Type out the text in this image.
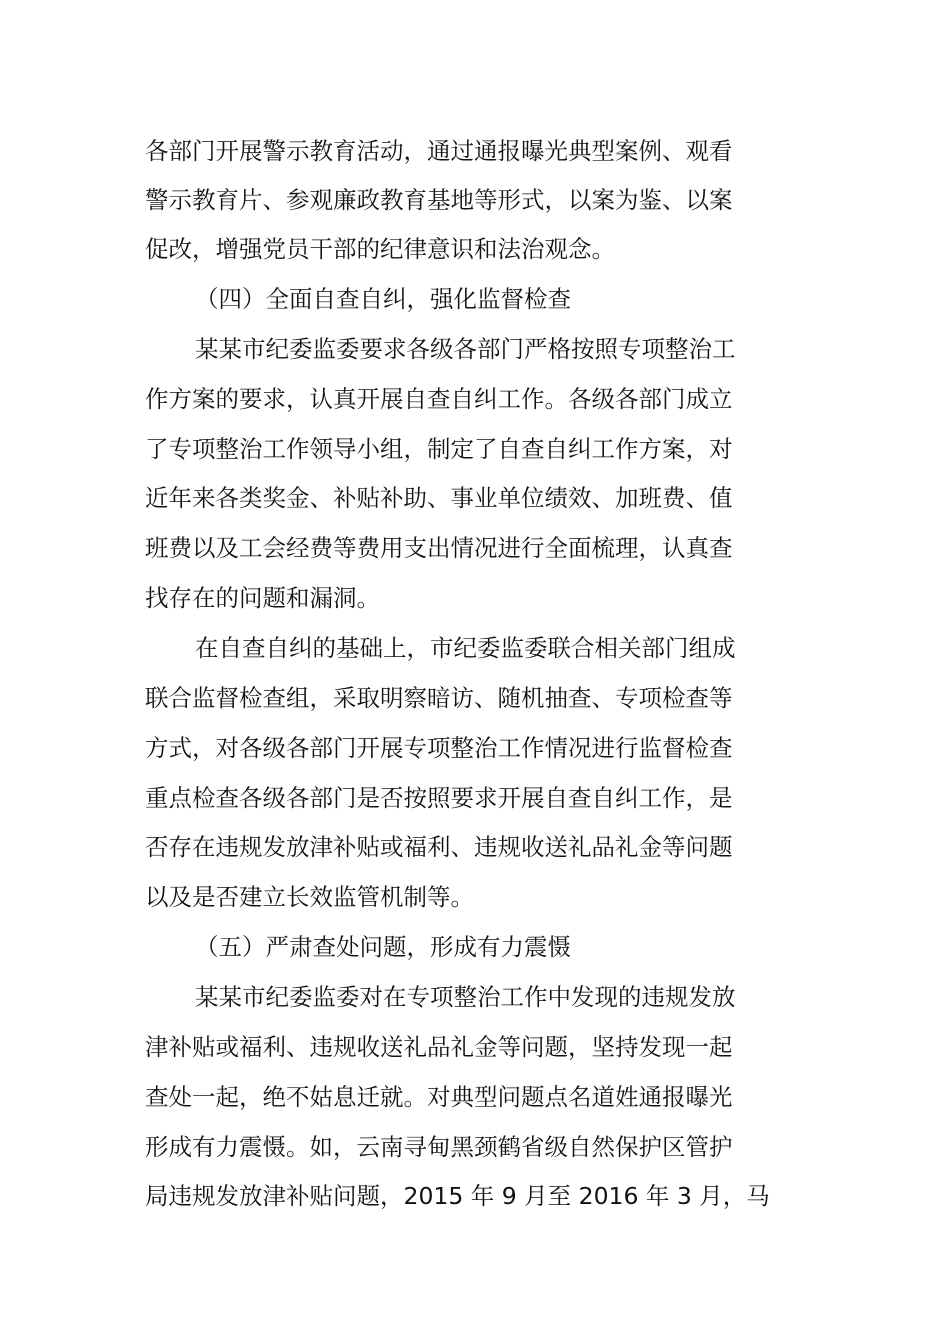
各部门开展警示教育活动，通过通报曝光典型案例、观看
警示教育片、参观廉政教育基地等形式，以案为鉴、以案
促改，增强党员干部的纪律意识和法治观念。
（四）全面自查自纠，强化监督检查
某某市纪委监委要求各级各部门严格按照专项整治工
作方案的要求，认真开展自查自纠工作。各级各部门成立
了专项整治工作领导小组，制定了自查自纠工作方案，对
近年来各类奖金、补贴补助、事业单位绩效、加班费、值
班费以及工会经费等费用支出情况进行全面梳理，认真查
找存在的问题和漏洞。
在自查自纠的基础上，市纪委监委联合相关部门组成
联合监督检查组，采取明察暗访、随机抽查、专项检查等
方式，对各级各部门开展专项整治工作情况进行监督检查
重点检查各级各部门是否按照要求开展自查自纠工作，是
否存在违规发放津补贴或福利、违规收送礼品礼金等问题
以及是否建立长效监管机制等。
（五）严肃查处问题，形成有力震慑
某某市纪委监委对在专项整治工作中发现的违规发放
津补贴或福利、违规收送礼品礼金等问题，坚持发现一起
查处一起，绝不姑息迁就。对典型问题点名道姓通报曝光
形成有力震慑。如，云南寻甸黑颈鹤省级自然保护区管护
局违规发放津补贴问题，2015 年 9 月至 2016 年 3 月，马
